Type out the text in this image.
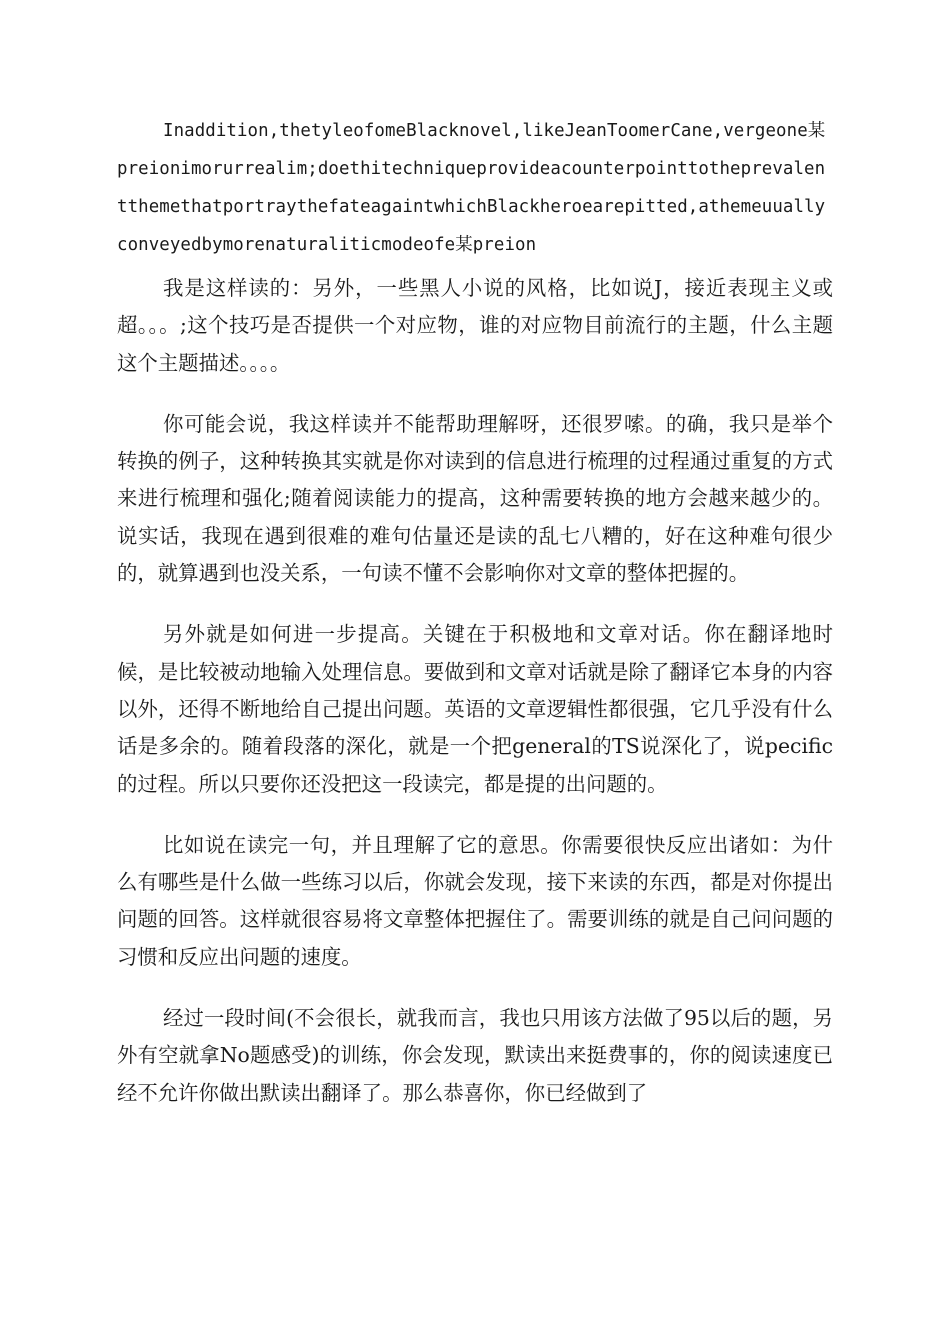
Inaddition,thetyleofomeBlacknovel,likeJeanToomerCane,vergeone某preionimorurrealim;doethitechniqueprovideacounterpointtotheprevalentthemethatportraythefateagaintwhichBlackheroearepitted,athemeuuallyconveyedbymorenaturaliticmodeofe某preion

我是这样读的：另外，一些黑人小说的风格，比如说J，接近表现主义或超。。。;这个技巧是否提供一个对应物，谁的对应物目前流行的主题，什么主题这个主题描述。。。。

你可能会说，我这样读并不能帮助理解呀，还很罗嗦。的确，我只是举个转换的例子，这种转换其实就是你对读到的信息进行梳理的过程通过重复的方式来进行梳理和强化;随着阅读能力的提高，这种需要转换的地方会越来越少的。说实话，我现在遇到很难的难句估量还是读的乱七八糟的，好在这种难句很少的，就算遇到也没关系，一句读不懂不会影响你对文章的整体把握的。

另外就是如何进一步提高。关键在于积极地和文章对话。你在翻译地时候，是比较被动地输入处理信息。要做到和文章对话就是除了翻译它本身的内容以外，还得不断地给自己提出问题。英语的文章逻辑性都很强，它几乎没有什么话是多余的。随着段落的深化，就是一个把general的TS说深化了，说pecific的过程。所以只要你还没把这一段读完，都是提的出问题的。

比如说在读完一句，并且理解了它的意思。你需要很快反应出诸如：为什么有哪些是什么做一些练习以后，你就会发现，接下来读的东西，都是对你提出问题的回答。这样就很容易将文章整体把握住了。需要训练的就是自己问问题的习惯和反应出问题的速度。

经过一段时间(不会很长，就我而言，我也只用该方法做了95以后的题，另外有空就拿No题感受)的训练，你会发现，默读出来挺费事的，你的阅读速度已经不允许你做出默读出翻译了。那么恭喜你，你已经做到了
